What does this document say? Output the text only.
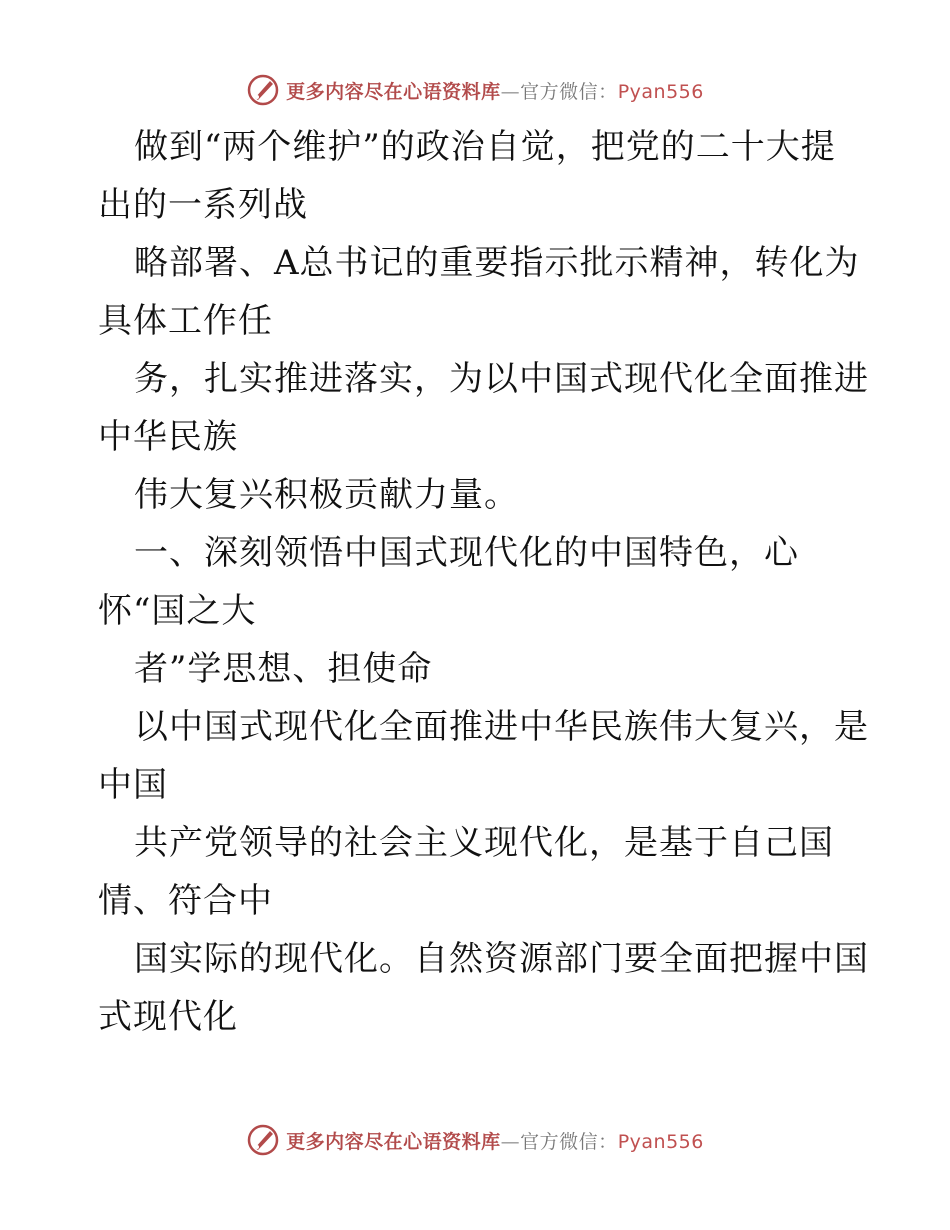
更多内容尽在心语资料库—官方微信：Pyan556
做到“两个维护”的政治自觉，把党的二十大提
出的一系列战
略部署、A总书记的重要指示批示精神，转化为
具体工作任
务，扎实推进落实，为以中国式现代化全面推进
中华民族
伟大复兴积极贡献力量。
一、深刻领悟中国式现代化的中国特色，心
怀“国之大
者”学思想、担使命
以中国式现代化全面推进中华民族伟大复兴，是
中国
共产党领导的社会主义现代化，是基于自己国
情、符合中
国实际的现代化。自然资源部门要全面把握中国
式现代化
更多内容尽在心语资料库—官方微信：Pyan556
